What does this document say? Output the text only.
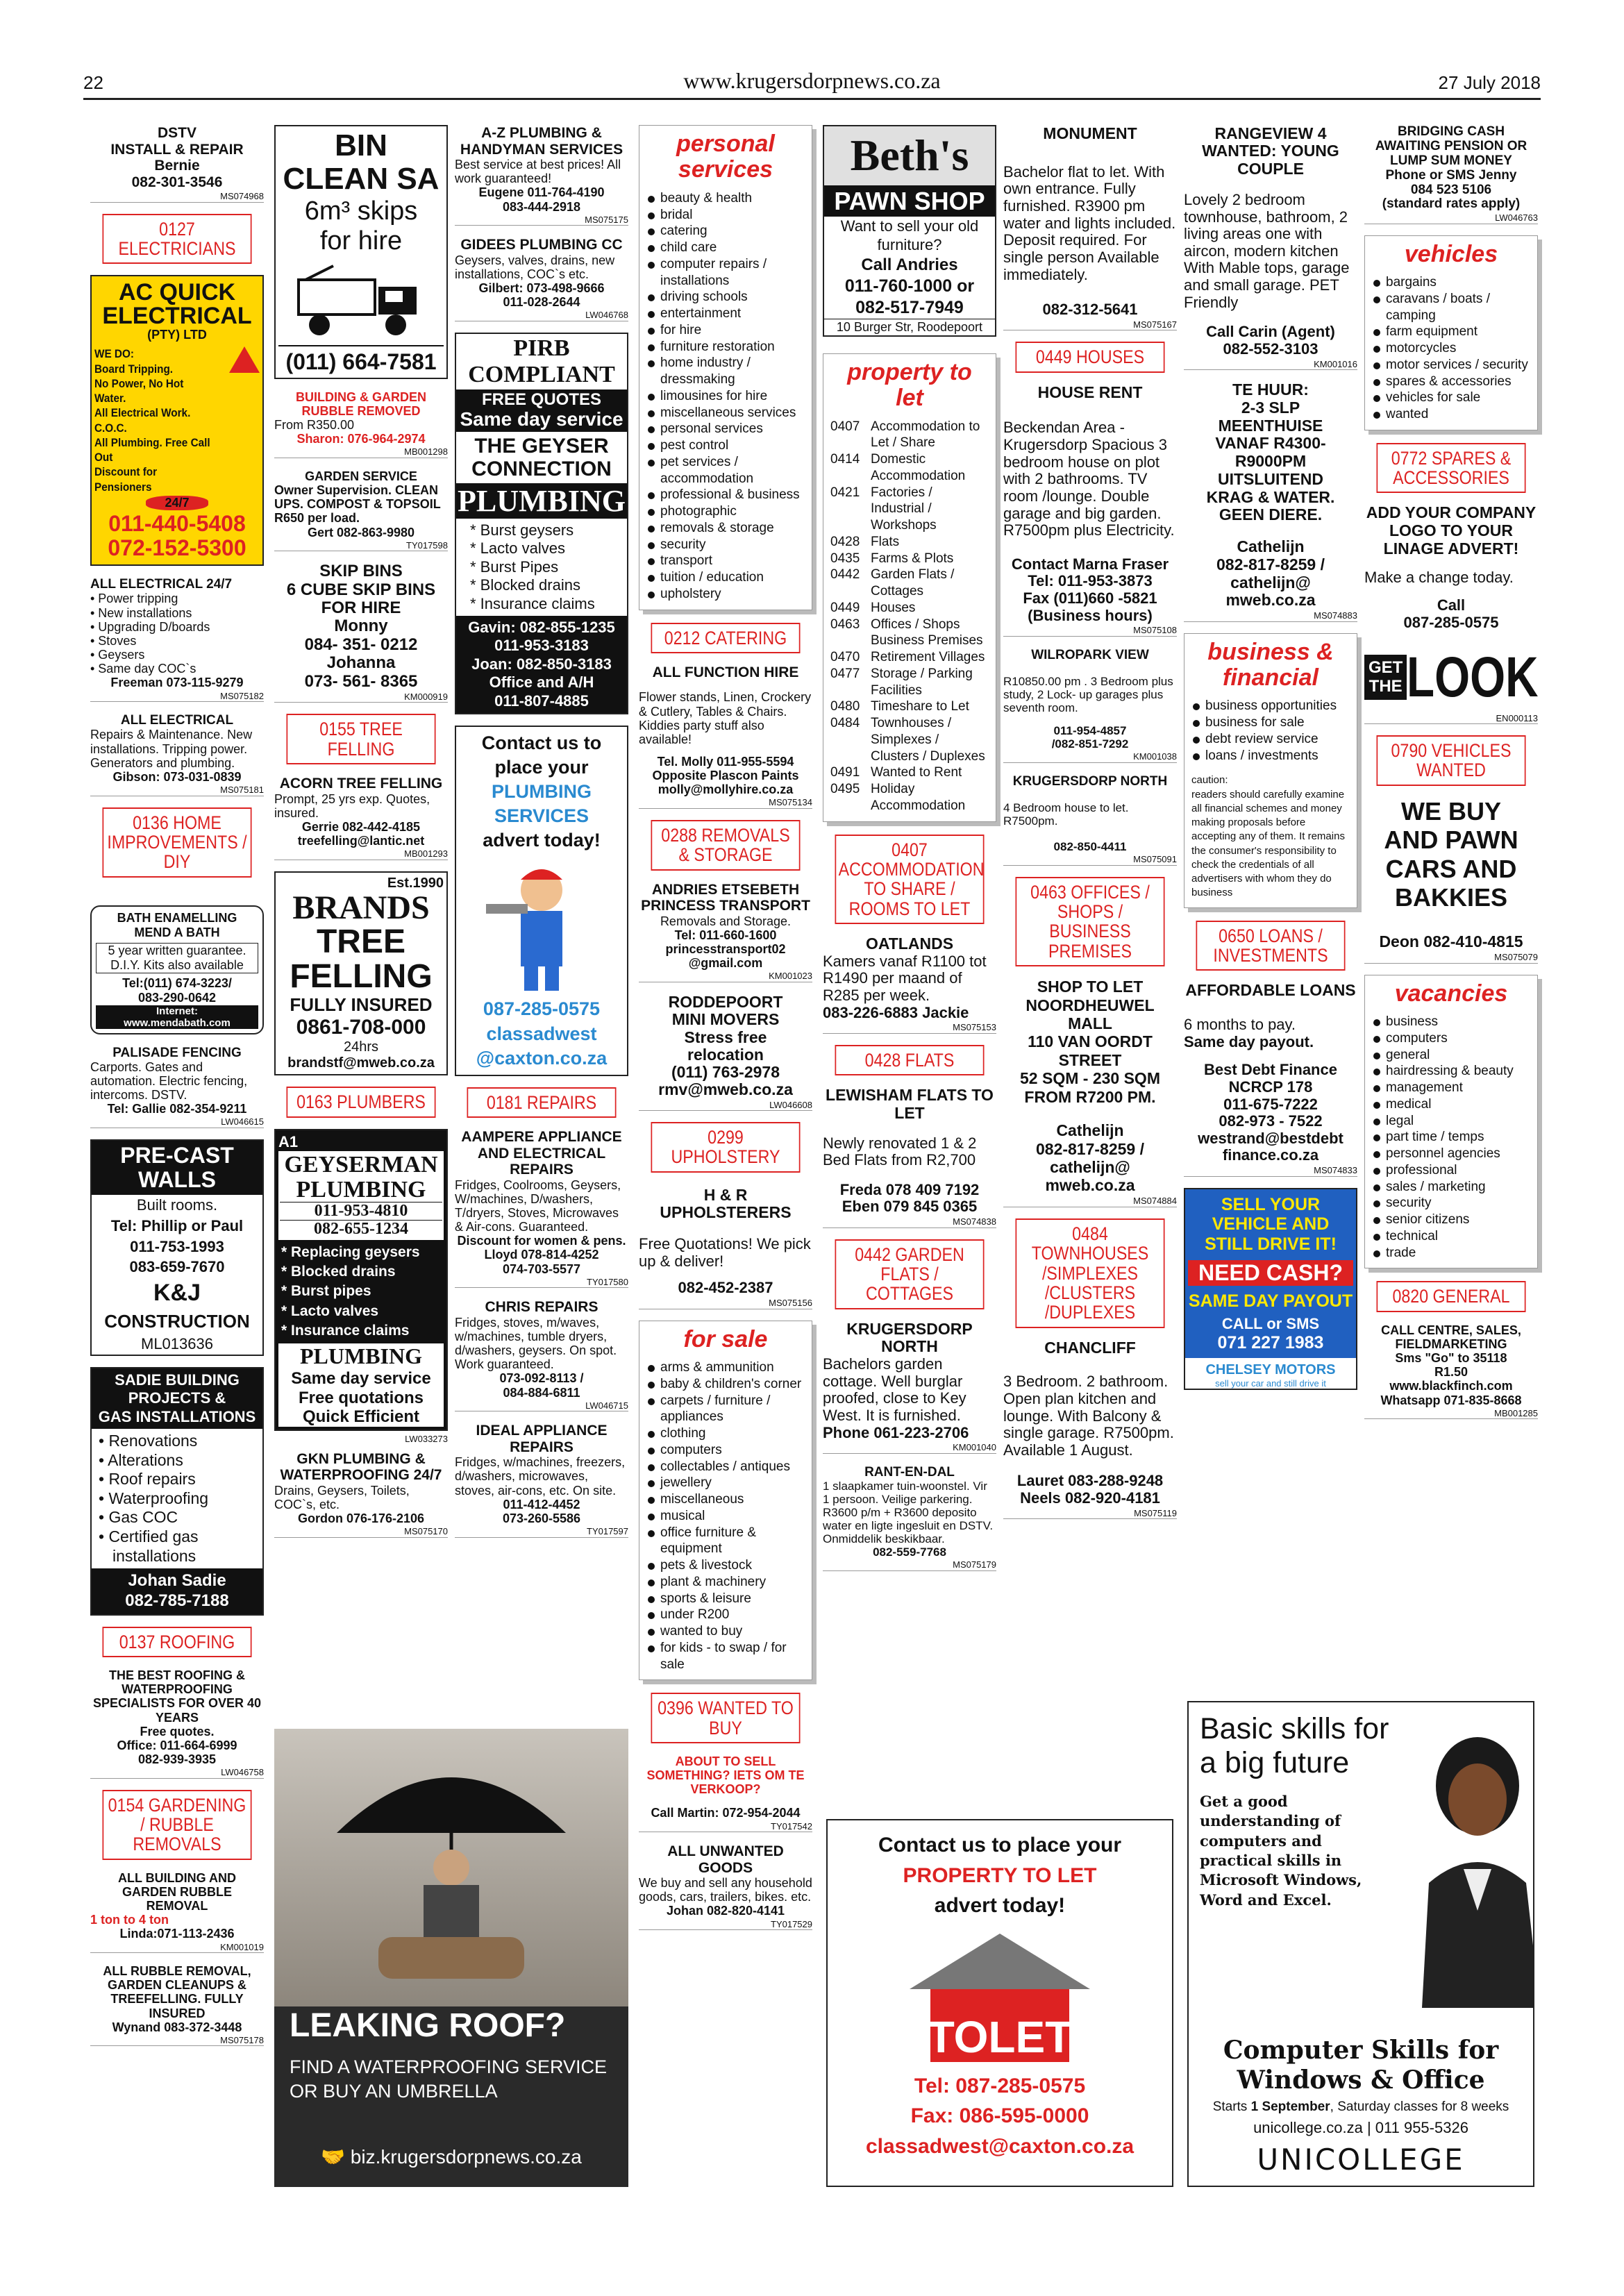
22	www.krugersdorpnews.co.za	27 July 2018
DSTV
INSTALL & REPAIR
Bernie
082-301-3546
MS074968
0127 ELECTRICIANS
AC QUICK
ELECTRICAL
(PTY) LTD
WE DO:
Board Tripping.
No Power, No Hot Water.
All Electrical Work. C.O.C.
All Plumbing. Free Call Out
Discount for Pensioners
24/7
011-440-5408
072-152-5300
ALL ELECTRICAL 24/7
• Power tripping
• New installations
• Upgrading D/boards
• Stoves
• Geysers
• Same day COC`s
Freeman 073-115-9279
MS075182
ALL ELECTRICAL
Repairs & Maintenance. New installations. Tripping power. Generators and plumbing.
Gibson: 073-031-0839
MS075181
0136 HOME IMPROVEMENTS / DIY
BATH ENAMELLING
MEND A BATH
5 year written guarantee.
D.I.Y. Kits also available
Tel:(011) 674-3223/
083-290-0642
Internet:
www.mendabath.com
PALISADE FENCING
Carports. Gates and automation. Electric fencing, intercoms. DSTV.
Tel: Gallie 082-354-9211
LW046615
PRE-CAST
WALLS
Built rooms.
Tel: Phillip or Paul
011-753-1993
083-659-7670
K&J
CONSTRUCTION
ML013636
SADIE BUILDING
PROJECTS &
GAS INSTALLATIONS
• Renovations
• Alterations
• Roof repairs
• Waterproofing
• Gas COC
• Certified gas
installations
Johan Sadie
082-785-7188
0137 ROOFING
THE BEST ROOFING & WATERPROOFING SPECIALISTS FOR OVER 40 YEARS
Free quotes.
Office: 011-664-6999
082-939-3935
LW046758
0154 GARDENING / RUBBLE REMOVALS
ALL BUILDING AND GARDEN RUBBLE REMOVAL
1 ton to 4 ton
Linda:071-113-2436
KM001019
ALL RUBBLE REMOVAL, GARDEN CLEANUPS & TREEFELLING. FULLY INSURED
Wynand 083-372-3448
MS075178
BIN
CLEAN SA
6m³ skips
for hire
(011) 664-7581
BUILDING & GARDEN RUBBLE REMOVED
From R350.00
Sharon: 076-964-2974
MB001298
GARDEN SERVICE
Owner Supervision. CLEAN UPS. COMPOST & TOPSOIL R650 per load.
Gert 082-863-9980
TY017598
SKIP BINS
6 CUBE SKIP BINS
FOR HIRE
Monny
084- 351- 0212
Johanna
073- 561- 8365
KM000919
0155 TREE FELLING
ACORN TREE FELLING
Prompt, 25 yrs exp. Quotes, insured.
Gerrie 082-442-4185
treefelling@lantic.net
MB001293
Est.1990
BRANDS
TREE
FELLING
FULLY INSURED
0861-708-000
24hrs
brandstf@mweb.co.za
0163 PLUMBERS
A1
GEYSERMAN
PLUMBING
011-953-4810
082-655-1234
* Replacing geysers
* Blocked drains
* Burst pipes
* Lacto valves
* Insurance claims
PLUMBING
Same day service
Free quotations
Quick Efficient
LW033273
GKN PLUMBING & WATERPROOFING 24/7
Drains, Geysers, Toilets, COC`s, etc.
Gordon 076-176-2106
MS075170
LEAKING ROOF?
FIND A WATERPROOFING SERVICE
OR BUY AN UMBRELLA
🤝 biz.krugersdorpnews.co.za
A-Z PLUMBING & HANDYMAN SERVICES
Best service at best prices! All work guaranteed!
Eugene 011-764-4190
083-444-2918
MS075175
GIDEES PLUMBING CC
Geysers, valves, drains, new installations, COC`s etc.
Gilbert: 073-498-9666
011-028-2644
LW046768
PIRB COMPLIANT
FREE QUOTES
Same day service
THE GEYSER
CONNECTION
PLUMBING
* Burst geysers
* Lacto valves
* Burst Pipes
* Blocked drains
* Insurance claims
Gavin: 082-855-1235
011-953-3183
Joan: 082-850-3183
Office and A/H
011-807-4885
Contact us to
place your
PLUMBING
SERVICES
advert today!
087-285-0575
classadwest
@caxton.co.za
0181 REPAIRS
AAMPERE APPLIANCE AND ELECTRICAL REPAIRS
Fridges, Coolrooms, Geysers, W/machines, D/washers, T/dryers, Stoves, Microwaves & Air-cons. Guaranteed.
Discount for women & pens.
Lloyd 078-814-4252
074-703-5577
TY017580
CHRIS REPAIRS
Fridges, stoves, m/waves, w/machines, tumble dryers, d/washers, geysers. On spot. Work guaranteed.
073-092-8113 /
084-884-6811
LW046715
IDEAL APPLIANCE REPAIRS
Fridges, w/machines, freezers, d/washers, microwaves, stoves, air-cons, etc. On site.
011-412-4452
073-260-5586
TY017597
personal services
beauty & health
bridal
catering
child care
computer repairs / installations
driving schools
entertainment
for hire
furniture restoration
home industry / dressmaking
limousines for hire
miscellaneous services
personal services
pest control
pet services / accommodation
professional & business
photographic
removals & storage
security
transport
tuition / education
upholstery
0212 CATERING
ALL FUNCTION HIRE
Flower stands, Linen, Crockery & Cutlery, Tables & Chairs. Kiddies party stuff also available!
Tel. Molly 011-955-5594
Opposite Plascon Paints
molly@mollyhire.co.za
MS075134
0288 REMOVALS & STORAGE
ANDRIES ETSEBETH PRINCESS TRANSPORT
Removals and Storage.
Tel: 011-660-1600
princesstransport02
@gmail.com
KM001023
RODDEPOORT
MINI MOVERS
Stress free
relocation
(011) 763-2978
rmv@mweb.co.za
LW046608
0299 UPHOLSTERY
H & R UPHOLSTERERS
Free Quotations! We pick up & deliver!
082-452-2387
MS075156
for sale
arms & ammunition
baby & children's corner
carpets / furniture / appliances
clothing
computers
collectables / antiques
jewellery
miscellaneous
musical
office furniture & equipment
pets & livestock
plant & machinery
sports & leisure
under R200
wanted to buy
for kids - to swap / for sale
0396 WANTED TO BUY
ABOUT TO SELL SOMETHING? IETS OM TE VERKOOP?
Call Martin: 072-954-2044
TY017542
ALL UNWANTED GOODS
We buy and sell any household goods, cars, trailers, bikes. etc.
Johan 082-820-4141
TY017529
Beth's
PAWN SHOP
Want to sell your old
furniture?
Call Andries
011-760-1000 or
082-517-7949
10 Burger Str, Roodepoort
property to let
0407 Accommodation to Let / Share
0414 Domestic Accommodation
0421 Factories / Industrial / Workshops
0428 Flats
0435 Farms & Plots
0442 Garden Flats / Cottages
0449 Houses
0463 Offices / Shops Business Premises
0470 Retirement Villages
0477 Storage / Parking Facilities
0480 Timeshare to Let
0484 Townhouses / Simplexes / Clusters / Duplexes
0491 Wanted to Rent
0495 Holiday Accommodation
0407 ACCOMMODATION TO SHARE / ROOMS TO LET
OATLANDS
Kamers vanaf R1100 tot R1490 per maand of R285 per week.
083-226-6883 Jackie
MS075153
0428 FLATS
LEWISHAM FLATS TO LET
Newly renovated 1 & 2 Bed Flats from R2,700
Freda 078 409 7192
Eben 079 845 0365
MS074838
0442 GARDEN FLATS / COTTAGES
KRUGERSDORP NORTH
Bachelors garden cottage. Well burglar proofed, close to Key West. It is furnished.
Phone 061-223-2706
KM001040
RANT-EN-DAL
1 slaapkamer tuin-woonstel. Vir 1 persoon. Veilige parkering. R3600 p/m + R3600 deposito water en ligte ingesluit en DSTV. Onmiddelik beskikbaar.
082-559-7768
MS075179
Contact us to place your
PROPERTY TO LET
advert today!
TOLET
Tel: 087-285-0575
Fax: 086-595-0000
classadwest@caxton.co.za
MONUMENT
Bachelor flat to let. With own entrance. Fully furnished. R3900 pm water and lights included. Deposit required. For single person Available immediately.
082-312-5641
MS075167
0449 HOUSES
HOUSE RENT
Beckendan Area - Krugersdorp Spacious 3 bedroom house on plot with 2 bathrooms. TV room /lounge. Double garage and big garden. R7500pm plus Electricity.
Contact Marna Fraser
Tel: 011-953-3873
Fax (011)660 -5821
(Business hours)
MS075108
WILROPARK VIEW
R10850.00 pm . 3 Bedroom plus study, 2 Lock- up garages plus seventh room.
011-954-4857
/082-851-7292
KM001038
KRUGERSDORP NORTH
4 Bedroom house to let. R7500pm.
082-850-4411
MS075091
0463 OFFICES / SHOPS / BUSINESS PREMISES
SHOP TO LET
NOORDHEUWEL
MALL
110 VAN OORDT
STREET
52 SQM - 230 SQM
FROM R7200 PM.
Cathelijn
082-817-8259 /
cathelijn@
mweb.co.za
MS074884
0484 TOWNHOUSES /SIMPLEXES /CLUSTERS /DUPLEXES
CHANCLIFF
3 Bedroom. 2 bathroom. Open plan kitchen and lounge. With Balcony & single garage. R7500pm. Available 1 August.
Lauret 083-288-9248
Neels 082-920-4181
MS075119
RANGEVIEW 4
WANTED: YOUNG
COUPLE
Lovely 2 bedroom townhouse, bathroom, 2 living areas one with aircon, modern kitchen With Mable tops, garage and small garage. PET Friendly
Call Carin (Agent)
082-552-3103
KM001016
TE HUUR:
2-3 SLP
MEENTHUISE
VANAF R4300-
R9000PM
UITSLUITEND
KRAG & WATER.
GEEN DIERE.
Cathelijn
082-817-8259 /
cathelijn@
mweb.co.za
MS074883
business & financial
business opportunities
business for sale
debt review service
loans / investments
caution:
readers should carefully examine all financial schemes and money making proposals before accepting any of them. It remains the consumer's responsibility to check the credentials of all advertisers with whom they do business
0650 LOANS / INVESTMENTS
AFFORDABLE LOANS
6 months to pay.
Same day payout.
Best Debt Finance
NCRCP 178
011-675-7222
082-973 - 7522
westrand@bestdebt
finance.co.za
MS074833
SELL YOUR
VEHICLE AND
STILL DRIVE IT!
NEED CASH?
SAME DAY PAYOUT
CALL or SMS
071 227 1983
CHELSEY MOTORS
sell your car and still drive it
Basic skills for
a big future
Get a good understanding of computers and practical skills in Microsoft Windows, Word and Excel.
Computer Skills for
Windows & Office
Starts 1 September, Saturday classes for 8 weeks
unicollege.co.za | 011 955-5326
UNICOLLEGE
BRIDGING CASH
AWAITING PENSION OR
LUMP SUM MONEY
Phone or SMS Jenny
084 523 5106
(standard rates apply)
LW046763
vehicles
bargains
caravans / boats / camping
farm equipment
motorcycles
motor services / security
spares & accessories
vehicles for sale
wanted
0772 SPARES & ACCESSORIES
ADD YOUR COMPANY LOGO TO YOUR LINAGE ADVERT!
Make a change today.
Call
087-285-0575
GET
THE LOOK
EN000113
0790 VEHICLES WANTED
WE BUY
AND PAWN
CARS AND
BAKKIES
Deon 082-410-4815
MS075079
vacancies
business
computers
general
hairdressing & beauty
management
medical
legal
part time / temps
personnel agencies
professional
sales / marketing
security
senior citizens
technical
trade
0820 GENERAL
CALL CENTRE, SALES, FIELDMARKETING
Sms "Go" to 35118
R1.50
www.blackfinch.com
Whatsapp 071-835-8668
MB001285
